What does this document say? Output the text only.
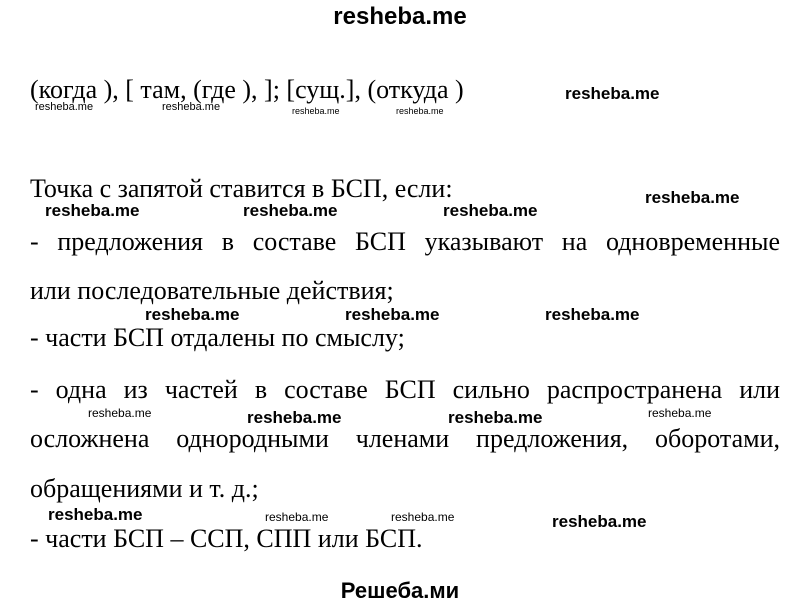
resheba.me
(когда ), [ там, (где ), ]; [сущ.], (откуда )
Точка с запятой ставится в БСП, если:
- предложения в составе БСП указывают на одновременные
или последовательные действия;
- части БСП отдалены по смыслу;
- одна из частей в составе БСП сильно распространена или
осложнена однородными членами предложения, оборотами,
обращениями и т. д.;
- части БСП – ССП, СПП или БСП.
resheba.me
resheba.me	resheba.me	resheba.me	resheba.me
resheba.me
resheba.me	resheba.me	resheba.me
resheba.me	resheba.me	resheba.me
resheba.me	resheba.me	resheba.me	resheba.me
resheba.me	resheba.me	resheba.me	resheba.me
Решеба.ми
